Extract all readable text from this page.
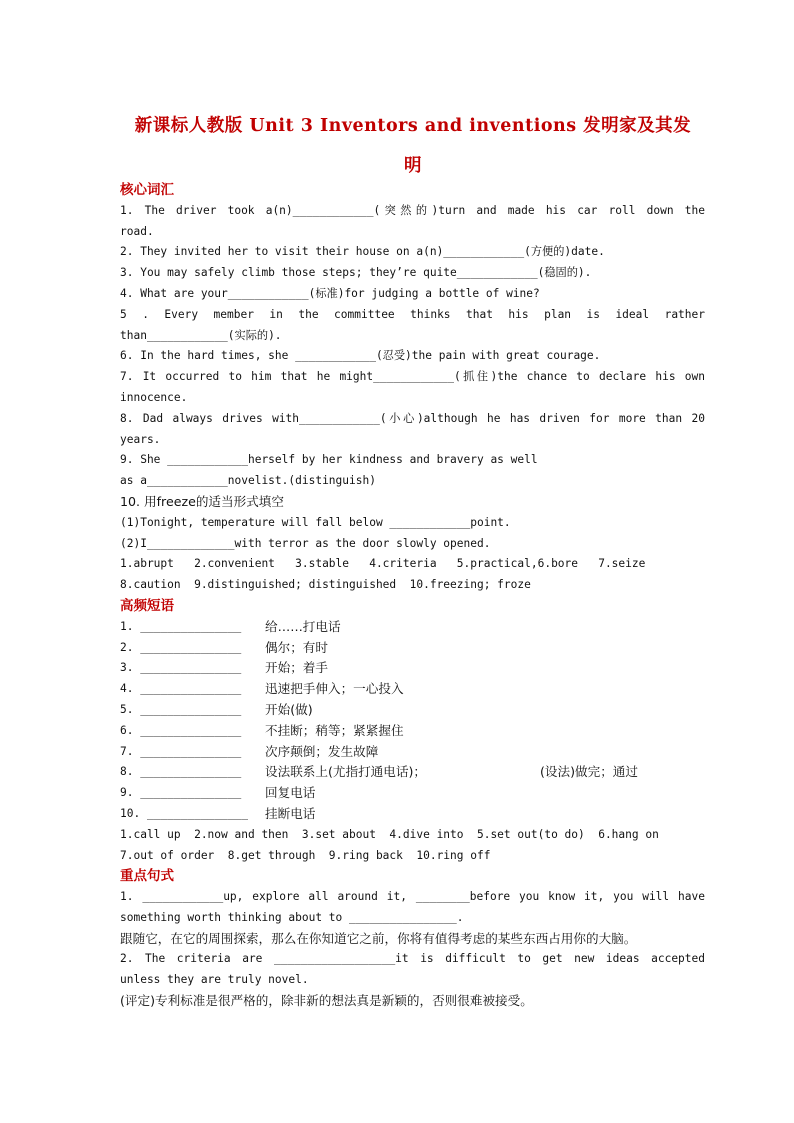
新课标人教版 Unit 3 Inventors and inventions 发明家及其发
明
核心词汇
1. The driver took a(n)____________(突然的)turn and made his car roll down the
road.
2. They invited her to visit their house on a(n)____________(方便的)date.
3. You may safely climb those steps; they’re quite____________(稳固的).
4. What are your____________(标准)for judging a bottle of wine?
5 . Every member in the committee thinks that his plan is ideal rather
than____________(实际的).
6. In the hard times, she ____________(忍受)the pain with great courage.
7. It occurred to him that he might____________(抓住)the chance to declare his own
innocence.
8. Dad always drives with____________(小心)although he has driven for more than 20
years.
9. She ____________herself by her kindness and bravery as well
as a____________novelist.(distinguish)
10. 用freeze的适当形式填空
(1)Tonight, temperature will fall below ____________point.
(2)I_____________with terror as the door slowly opened.
1.abrupt   2.convenient   3.stable   4.criteria   5.practical,6.bore   7.seize
8.caution  9.distinguished; distinguished  10.freezing; froze
高频短语
1. _______________ 给……打电话
2. _______________ 偶尔；有时
3. _______________ 开始；着手
4. _______________ 迅速把手伸入；一心投入
5. _______________ 开始(做)
6. _______________ 不挂断；稍等；紧紧握住
7. _______________ 次序颠倒；发生故障
8. _______________ 设法联系上(尤指打通电话)；	(设法)做完；通过
9. _______________ 回复电话
10. _______________ 挂断电话
1.call up  2.now and then  3.set about  4.dive into  5.set out(to do)  6.hang on
7.out of order  8.get through  9.ring back  10.ring off
重点句式
1. ____________up, explore all around it, ________before you know it, you will have
something worth thinking about to ________________.
跟随它，在它的周围探索，那么在你知道它之前，你将有值得考虑的某些东西占用你的大脑。
2. The criteria are __________________it is difficult to get new ideas accepted
unless they are truly novel.
(评定)专利标准是很严格的，除非新的想法真是新颖的，否则很难被接受。
